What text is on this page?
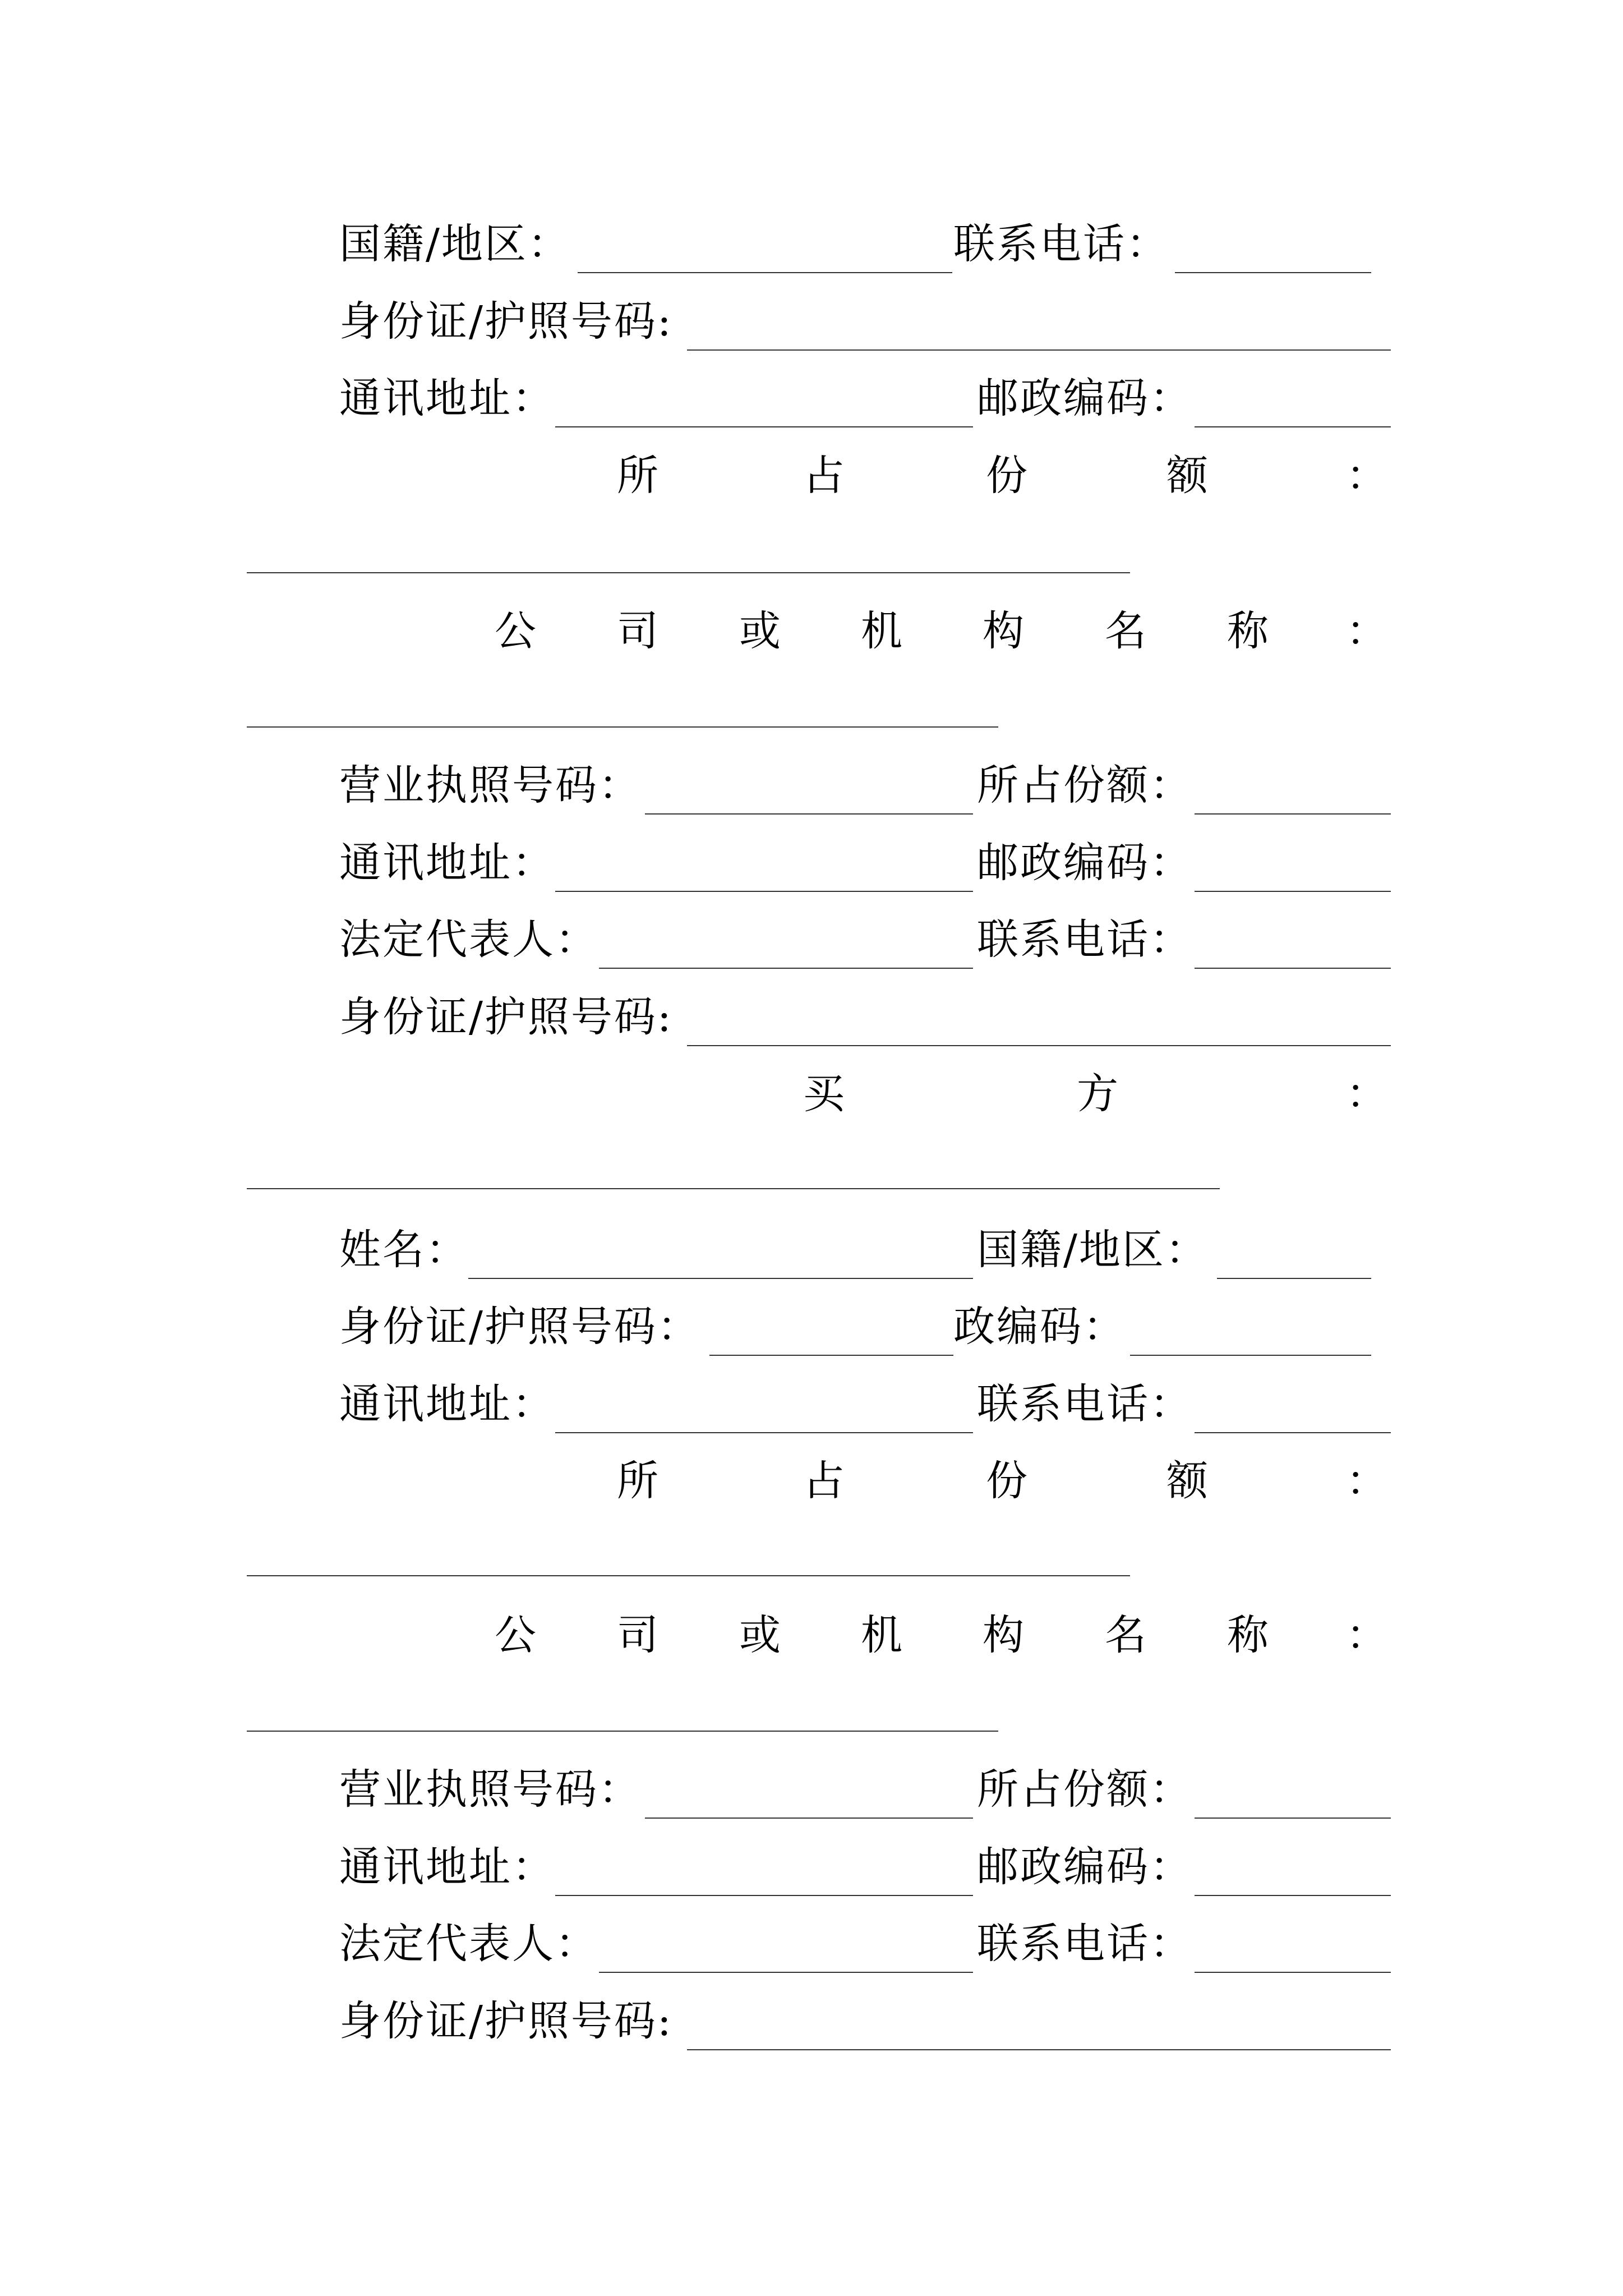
国籍/地区：	联系电话：
身份证/护照号码:
通讯地址：	邮政编码：
所	占	份	额	：
公 司 或 机 构 名 称 ：
营业执照号码：	所占份额：
通讯地址：	邮政编码：
法定代表人：	联系电话：
身份证/护照号码:
买	方	：
姓名：	国籍/地区：
身份证/护照号码：	政编码：
通讯地址：	联系电话：
所	占	份	额	：
公 司 或 机 构 名 称 ：
营业执照号码：	所占份额：
通讯地址：	邮政编码：
法定代表人：	联系电话：
身份证/护照号码:
